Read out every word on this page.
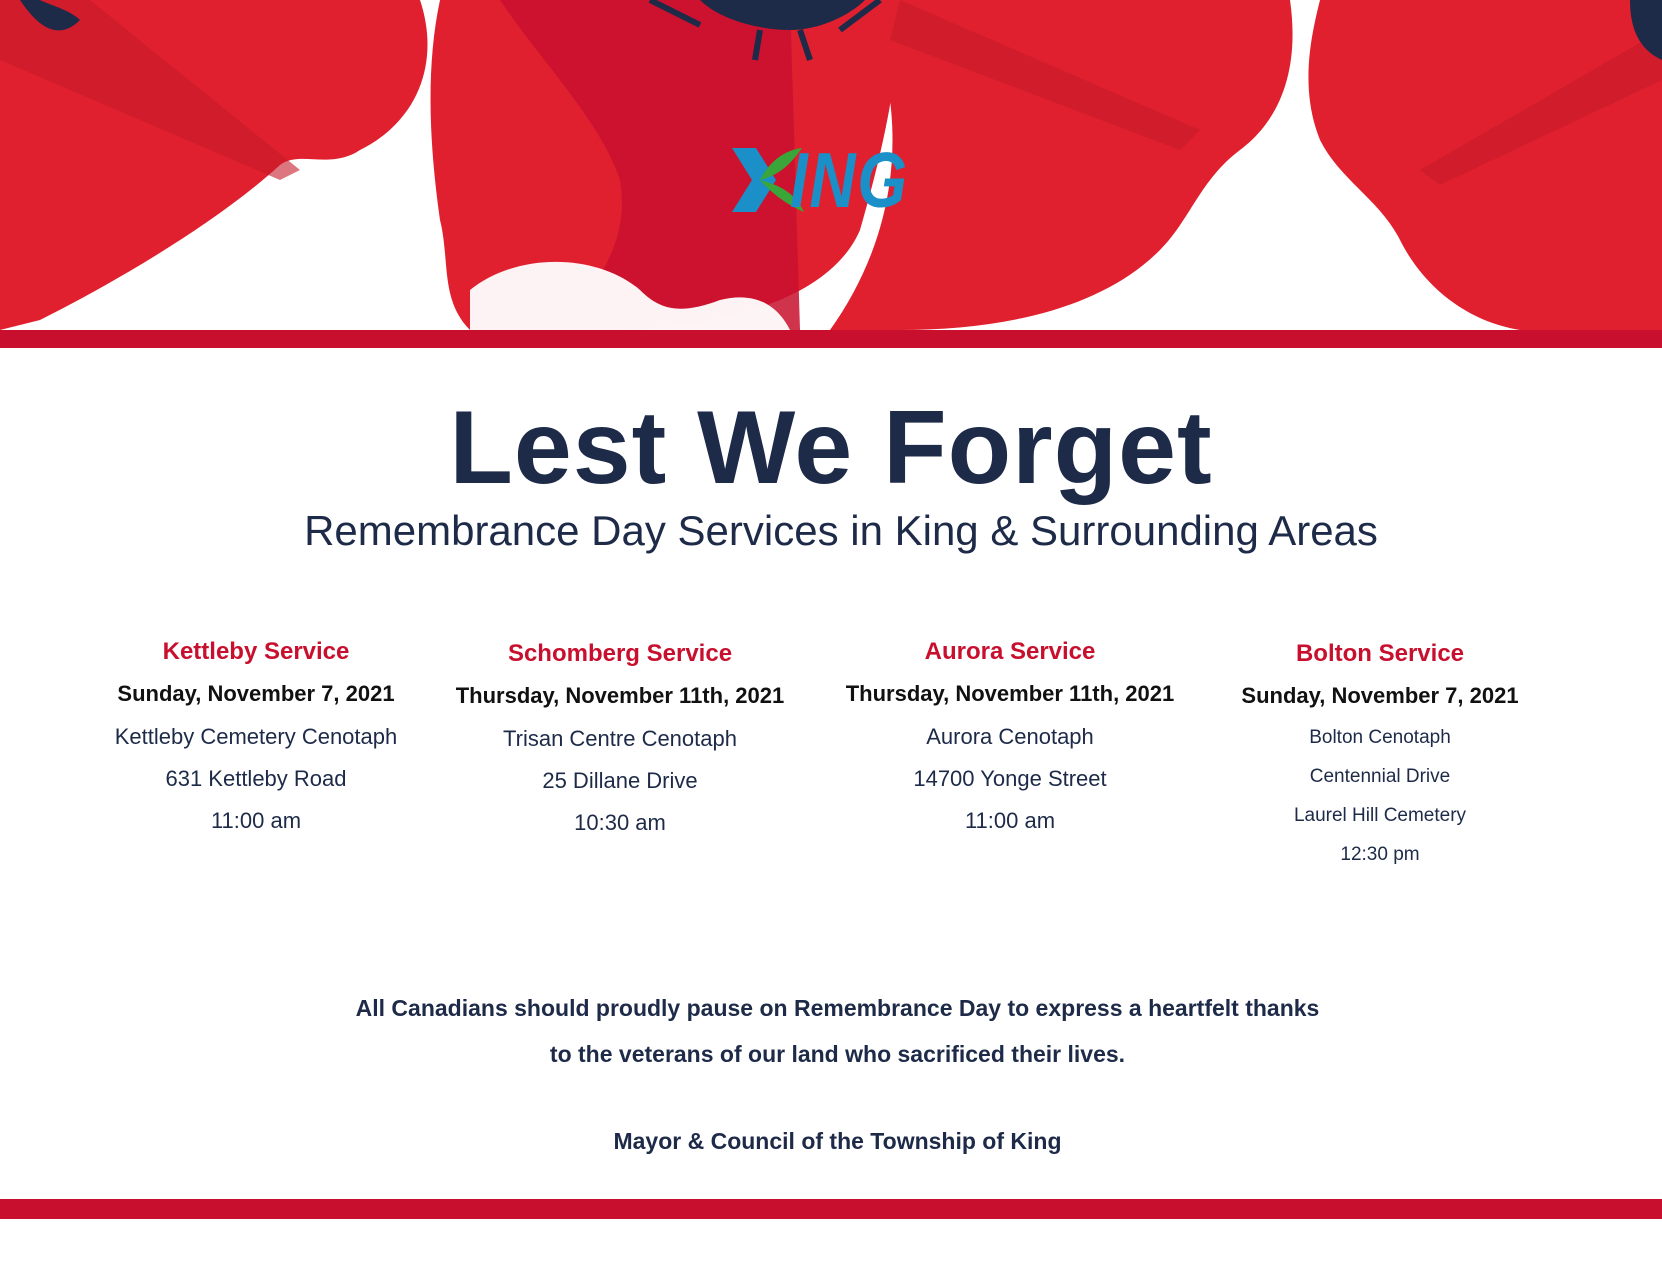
ING
Lest We Forget
Remembrance Day Services in King & Surrounding Areas
Kettleby Service
Sunday, November 7, 2021
Kettleby Cemetery Cenotaph
631 Kettleby Road
11:00 am
Schomberg Service
Thursday, November 11th, 2021
Trisan Centre Cenotaph
25 Dillane Drive
10:30 am
Aurora Service
Thursday, November 11th, 2021
Aurora Cenotaph
14700 Yonge Street
11:00 am
Bolton Service
Sunday, November 7, 2021
Bolton Cenotaph
Centennial Drive
Laurel Hill Cemetery
12:30 pm
All Canadians should proudly pause on Remembrance Day to express a heartfelt thanks
to the veterans of our land who sacrificed their lives.
Mayor & Council of the Township of King
